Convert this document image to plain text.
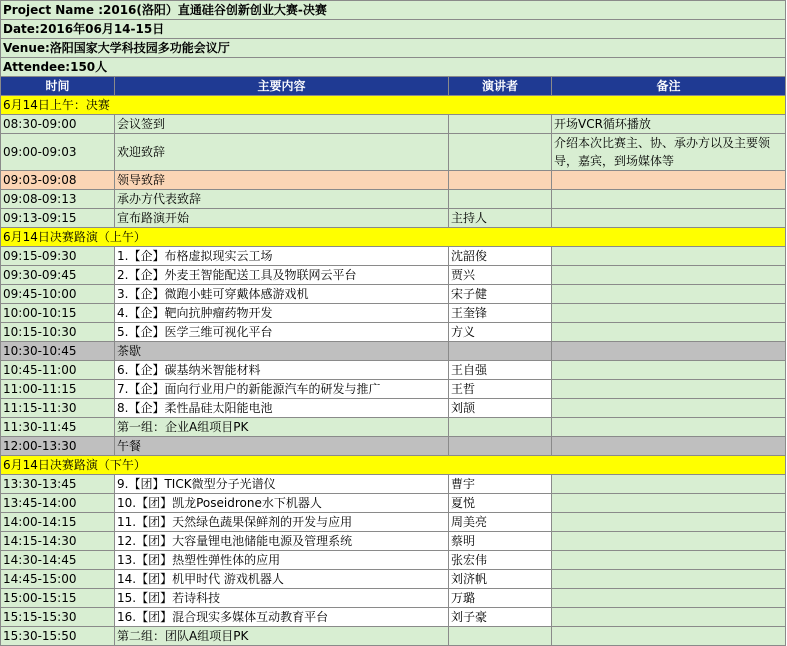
Project Name :2016(洛阳）直通硅谷创新创业大赛-决赛			
Date:2016年06月14-15日			
Venue:洛阳国家大学科技园多功能会议厅			
Attendee:150人			
时间	主要内容	演讲者	备注
6月14日上午：决赛			
08:30-09:00	会议签到		开场VCR循环播放
09:00-09:03	欢迎致辞		介绍本次比赛主、协、承办方以及主要领导，嘉宾，到场媒体等
09:03-09:08	领导致辞		
09:08-09:13	承办方代表致辞		
09:13-09:15	宣布路演开始	主持人	
6月14日决赛路演（上午）			
09:15-09:30	1.【企】布格虚拟现实云工场	沈韶俊	
09:30-09:45	2.【企】外麦王智能配送工具及物联网云平台	贾兴	
09:45-10:00	3.【企】微跑小蛙可穿戴体感游戏机	宋子健	
10:00-10:15	4.【企】靶向抗肿瘤药物开发	王奎锋	
10:15-10:30	5.【企】医学三维可视化平台	方义	
10:30-10:45	茶歇		
10:45-11:00	6.【企】碳基纳米智能材料	王自强	
11:00-11:15	7.【企】面向行业用户的新能源汽车的研发与推广	王哲	
11:15-11:30	8.【企】柔性晶硅太阳能电池	刘颉	
11:30-11:45	第一组：企业A组项目PK		
12:00-13:30	午餐		
6月14日决赛路演（下午）			
13:30-13:45	9.【团】TICK微型分子光谱仪	曹宇	
13:45-14:00	10.【团】凯龙Poseidrone水下机器人	夏悦	
14:00-14:15	11.【团】天然绿色蔬果保鲜剂的开发与应用	周美亮	
14:15-14:30	12.【团】大容量锂电池储能电源及管理系统	蔡明	
14:30-14:45	13.【团】热塑性弹性体的应用	张宏伟	
14:45-15:00	14.【团】机甲时代 游戏机器人	刘济帆	
15:00-15:15	15.【团】若诗科技	万璐	
15:15-15:30	16.【团】混合现实多媒体互动教育平台	刘子豪	
15:30-15:50	第二组：团队A组项目PK		
